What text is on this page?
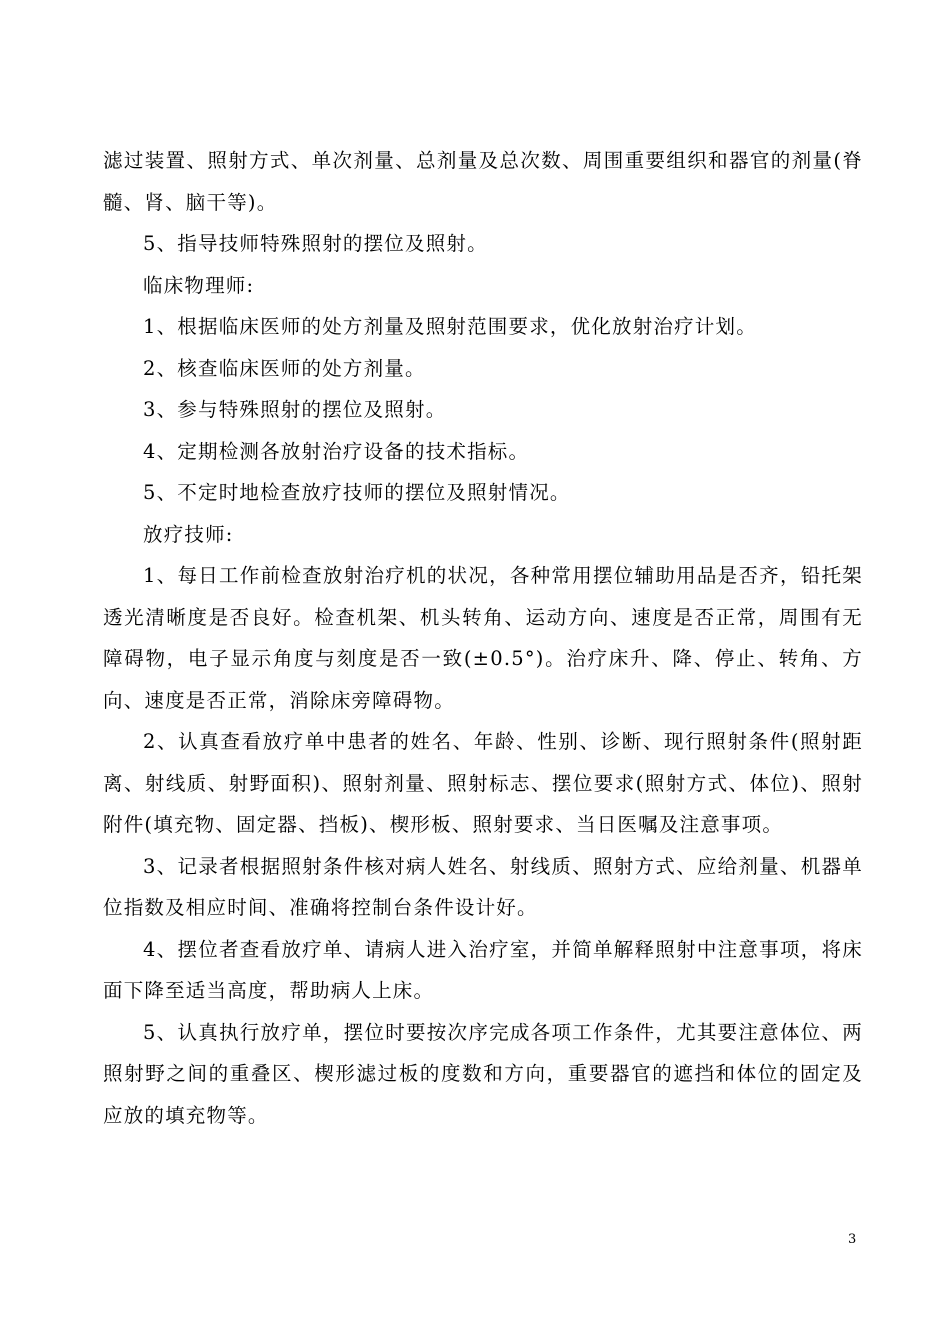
滤过装置、照射方式、单次剂量、总剂量及总次数、周围重要组织和器官的剂量(脊髓、肾、脑干等)。

5、指导技师特殊照射的摆位及照射。

临床物理师:

1、根据临床医师的处方剂量及照射范围要求，优化放射治疗计划。

2、核查临床医师的处方剂量。

3、参与特殊照射的摆位及照射。

4、定期检测各放射治疗设备的技术指标。

5、不定时地检查放疗技师的摆位及照射情况。

放疗技师:

1、每日工作前检查放射治疗机的状况，各种常用摆位辅助用品是否齐，铅托架透光清晰度是否良好。检查机架、机头转角、运动方向、速度是否正常，周围有无障碍物，电子显示角度与刻度是否一致(±0.5°)。治疗床升、降、停止、转角、方向、速度是否正常，消除床旁障碍物。

2、认真查看放疗单中患者的姓名、年龄、性别、诊断、现行照射条件(照射距离、射线质、射野面积)、照射剂量、照射标志、摆位要求(照射方式、体位)、照射附件(填充物、固定器、挡板)、楔形板、照射要求、当日医嘱及注意事项。

3、记录者根据照射条件核对病人姓名、射线质、照射方式、应给剂量、机器单位指数及相应时间、准确将控制台条件设计好。

4、摆位者查看放疗单、请病人进入治疗室，并简单解释照射中注意事项，将床面下降至适当高度，帮助病人上床。

5、认真执行放疗单，摆位时要按次序完成各项工作条件，尤其要注意体位、两照射野之间的重叠区、楔形滤过板的度数和方向，重要器官的遮挡和体位的固定及应放的填充物等。

3
